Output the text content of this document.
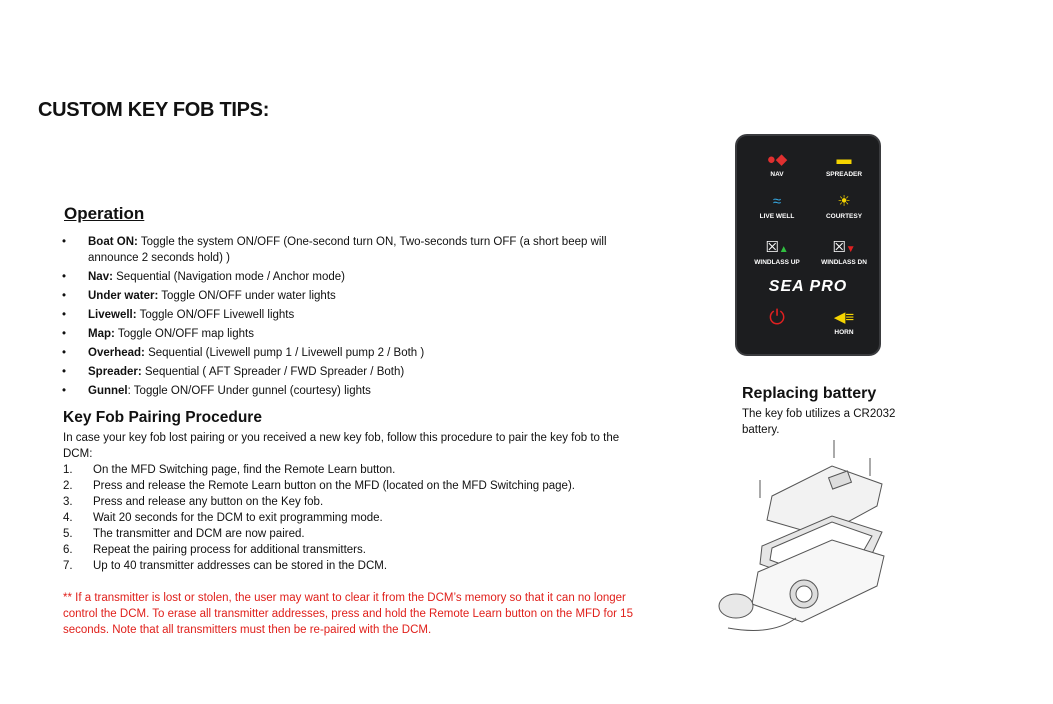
CUSTOM KEY FOB TIPS:
Operation
• Boat ON: Toggle the system ON/OFF (One-second turn ON, Two-seconds turn OFF (a short beep will announce 2 seconds hold) )
• Nav: Sequential (Navigation mode / Anchor mode)
• Under water: Toggle ON/OFF under water lights
• Livewell: Toggle ON/OFF Livewell lights
• Map: Toggle ON/OFF map lights
• Overhead: Sequential (Livewell pump 1 / Livewell pump 2 / Both )
• Spreader: Sequential ( AFT Spreader / FWD Spreader / Both)
• Gunnel: Toggle ON/OFF Under gunnel (courtesy) lights
Key Fob Pairing Procedure
In case your key fob lost pairing or you received a new key fob, follow this procedure to pair the key fob to the DCM:
1. On the MFD Switching page, find the Remote Learn button.
2. Press and release the Remote Learn button on the MFD (located on the MFD Switching page).
3. Press and release any button on the Key fob.
4. Wait 20 seconds for the DCM to exit programming mode.
5. The transmitter and DCM are now paired.
6. Repeat the pairing process for additional transmitters.
7. Up to 40 transmitter addresses can be stored in the DCM.
** If a transmitter is lost or stolen, the user may want to clear it from the DCM’s memory so that it can no longer control the DCM. To erase all transmitter addresses, press and hold the Remote Learn button on the MFD for 15 seconds. Note that all transmitters must then be re-paired with the DCM.
●◆
NAV
▬
SPREADER
≈
LIVE WELL
☀
COURTESY
☒▲
WINDLASS UP
☒▼
WINDLASS DN
SEA PRO
⏻	◀≡
HORN
Replacing battery
The key fob utilizes a CR2032 battery.
